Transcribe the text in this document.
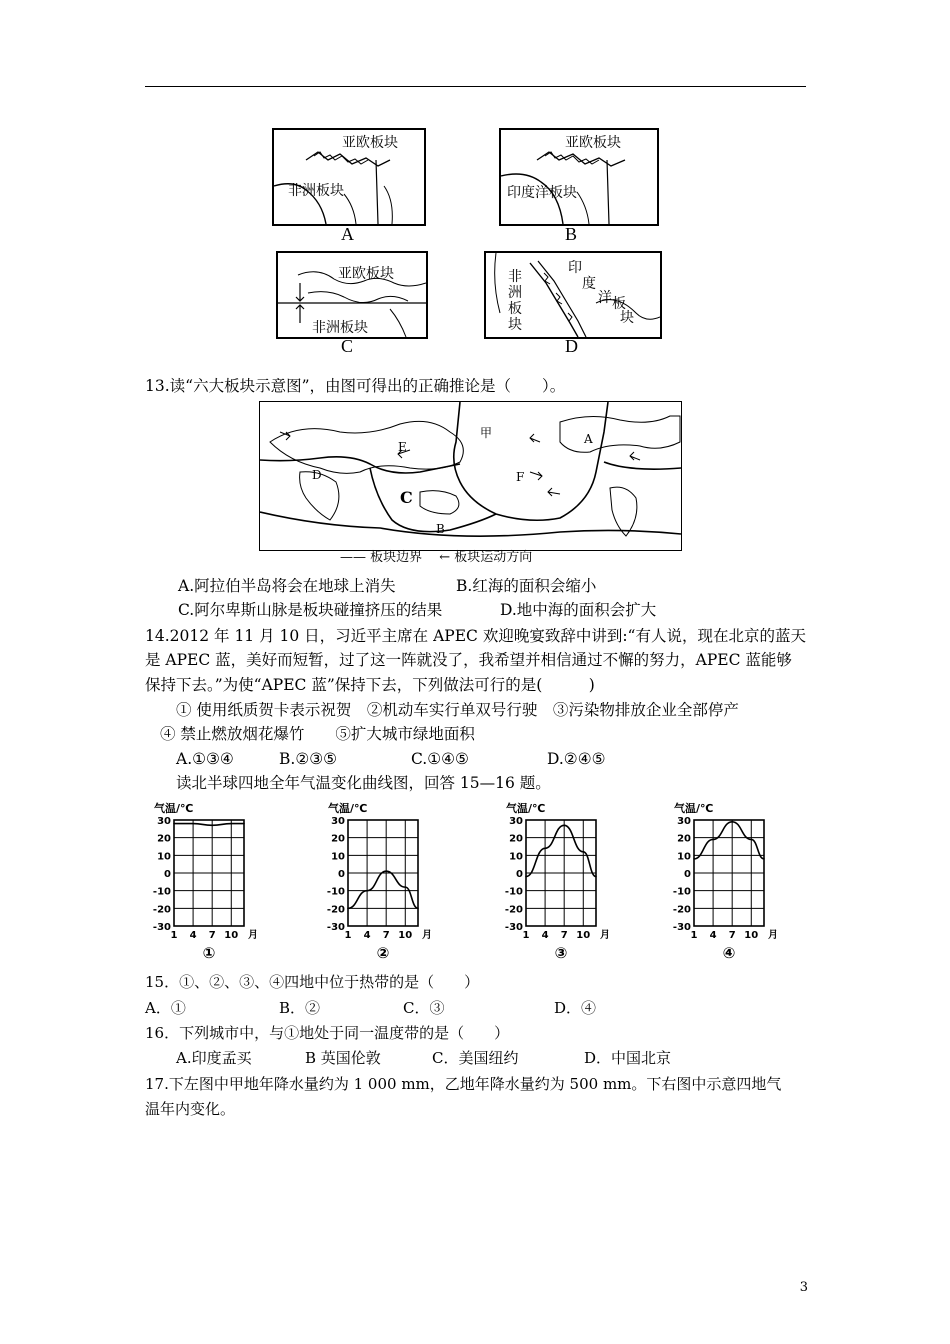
亚欧板块
非洲板块
A
亚欧板块
印度洋板块
B
亚欧板块
非洲板块
C
非
洲
板
块
印
度
洋 板
块
D
13.读“六大板块示意图”，由图可得出的正确推论是（　　）。
A
B
C
D
E
F
甲
—— 板块边界　 ← 板块运动方向
A.阿拉伯半岛将会在地球上消失	B.红海的面积会缩小
C.阿尔卑斯山脉是板块碰撞挤压的结果	D.地中海的面积会扩大
14.2012 年 11 月 10 日，习近平主席在 APEC 欢迎晚宴致辞中讲到:“有人说，现在北京的蓝天
是 APEC 蓝，美好而短暂，过了这一阵就没了，我希望并相信通过不懈的努力，APEC 蓝能够
保持下去。”为使“APEC 蓝”保持下去，下列做法可行的是(　　　)
① 使用纸质贺卡表示祝贺　②机动车实行单双号行驶　③污染物排放企业全部停产
④ 禁止燃放烟花爆竹　　⑤扩大城市绿地面积
A.①③④	B.②③⑤	C.①④⑤	D.②④⑤
读北半球四地全年气温变化曲线图，回答 15—16 题。
气温/℃
30
20
10
0
-10
-20
-30
1 4 7 10 月
①
气温/℃
30
20
10
0
-10
-20
-30
1 4 7 10 月
②
气温/℃
30
20
10
0
-10
-20
-30
1 4 7 10 月
③
气温/℃
30
20
10
0
-10
-20
-30
1 4 7 10 月
④
15．①、②、③、④四地中位于热带的是（　　）
A．①	B．②	C．③	D．④
16．下列城市中，与①地处于同一温度带的是（　　）
A.印度孟买	B 英国伦敦	C．美国纽约	D．中国北京
17.下左图中甲地年降水量约为 1 000 mm，乙地年降水量约为 500 mm。下右图中示意四地气
温年内变化。
3
